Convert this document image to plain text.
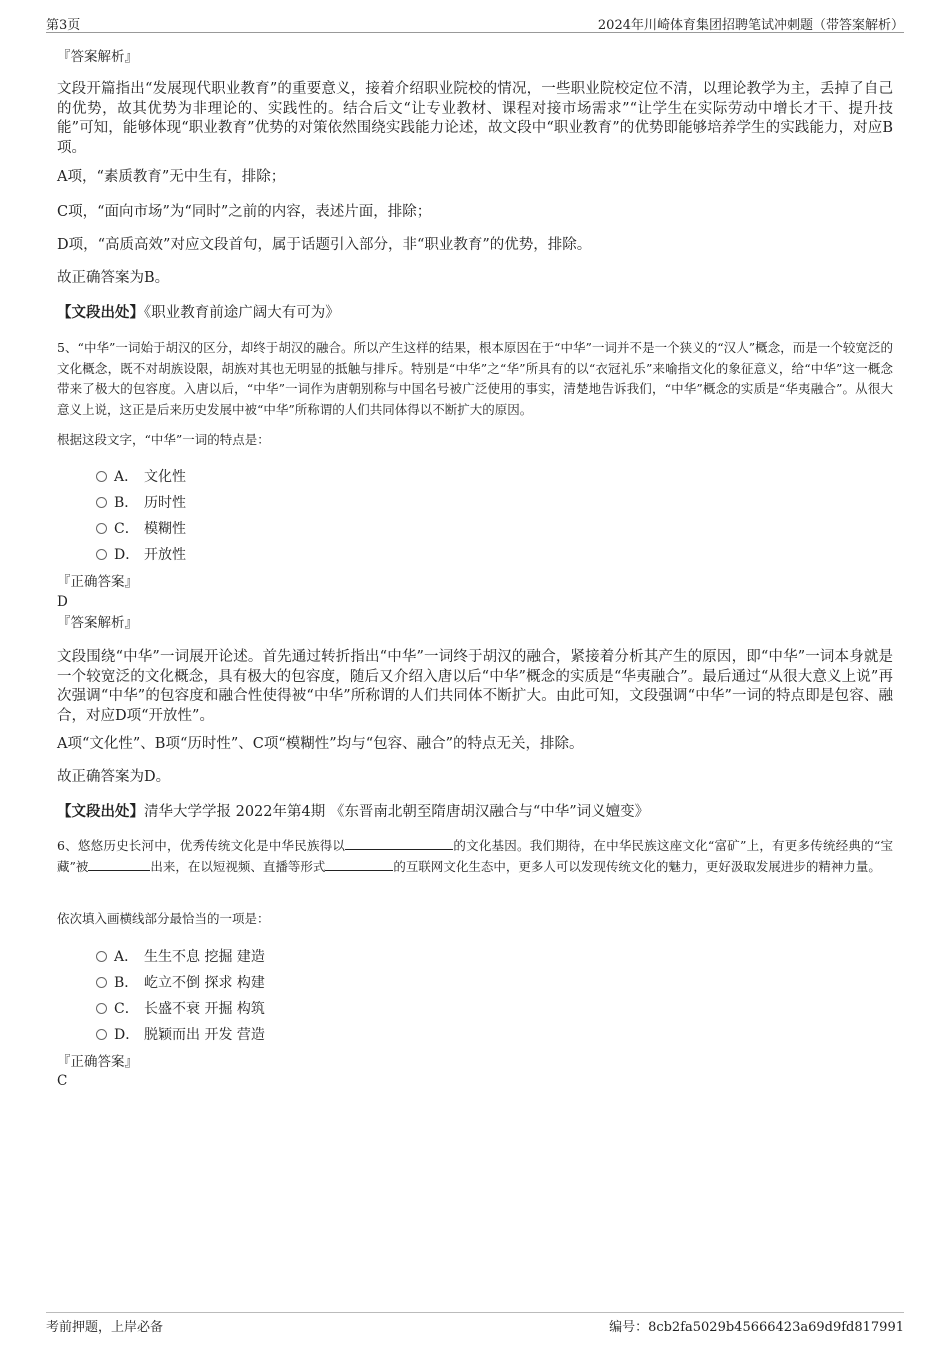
第3页	2024年川崎体育集团招聘笔试冲刺题（带答案解析）
『答案解析』
文段开篇指出“发展现代职业教育”的重要意义，接着介绍职业院校的情况，一些职业院校定位不清，以理论教学为主，丢掉了自己的优势，故其优势为非理论的、实践性的。结合后文“让专业教材、课程对接市场需求”“让学生在实际劳动中增长才干、提升技能”可知，能够体现“职业教育”优势的对策依然围绕实践能力论述，故文段中“职业教育”的优势即能够培养学生的实践能力，对应B项。
A项，“素质教育”无中生有，排除；
C项，“面向市场”为“同时”之前的内容，表述片面，排除；
D项，“高质高效”对应文段首句，属于话题引入部分，非“职业教育”的优势，排除。
故正确答案为B。
【文段出处】《职业教育前途广阔大有可为》
5、“中华”一词始于胡汉的区分，却终于胡汉的融合。所以产生这样的结果，根本原因在于“中华”一词并不是一个狭义的“汉人”概念，而是一个较宽泛的文化概念，既不对胡族设限，胡族对其也无明显的抵触与排斥。特别是“中华”之“华”所具有的以“衣冠礼乐”来喻指文化的象征意义，给“中华”这一概念带来了极大的包容度。入唐以后，“中华”一词作为唐朝别称与中国名号被广泛使用的事实，清楚地告诉我们，“中华”概念的实质是“华夷融合”。从很大意义上说，这正是后来历史发展中被“中华”所称谓的人们共同体得以不断扩大的原因。
根据这段文字，“中华”一词的特点是：
A． 文化性
B． 历时性
C． 模糊性
D． 开放性
『正确答案』
D
『答案解析』
文段围绕“中华”一词展开论述。首先通过转折指出“中华”一词终于胡汉的融合，紧接着分析其产生的原因，即“中华”一词本身就是一个较宽泛的文化概念，具有极大的包容度，随后又介绍入唐以后“中华”概念的实质是“华夷融合”。最后通过“从很大意义上说”再次强调“中华”的包容度和融合性使得被“中华”所称谓的人们共同体不断扩大。由此可知，文段强调“中华”一词的特点即是包容、融合，对应D项“开放性”。
A项“文化性”、B项“历时性”、C项“模糊性”均与“包容、融合”的特点无关，排除。
故正确答案为D。
【文段出处】清华大学学报 2022年第4期 《东晋南北朝至隋唐胡汉融合与“中华”词义嬗变》
6、悠悠历史长河中，优秀传统文化是中华民族得以	的文化基因。我们期待，在中华民族这座文化“富矿”上，有更多传统经典的“宝藏”被	出来，在以短视频、直播等形式	的互联网文化生态中，更多人可以发现传统文化的魅力，更好汲取发展进步的精神力量。
依次填入画横线部分最恰当的一项是：
A． 生生不息 挖掘 建造
B． 屹立不倒 探求 构建
C． 长盛不衰 开掘 构筑
D． 脱颖而出 开发 营造
『正确答案』
C
考前押题，上岸必备	编号：8cb2fa5029b45666423a69d9fd817991
